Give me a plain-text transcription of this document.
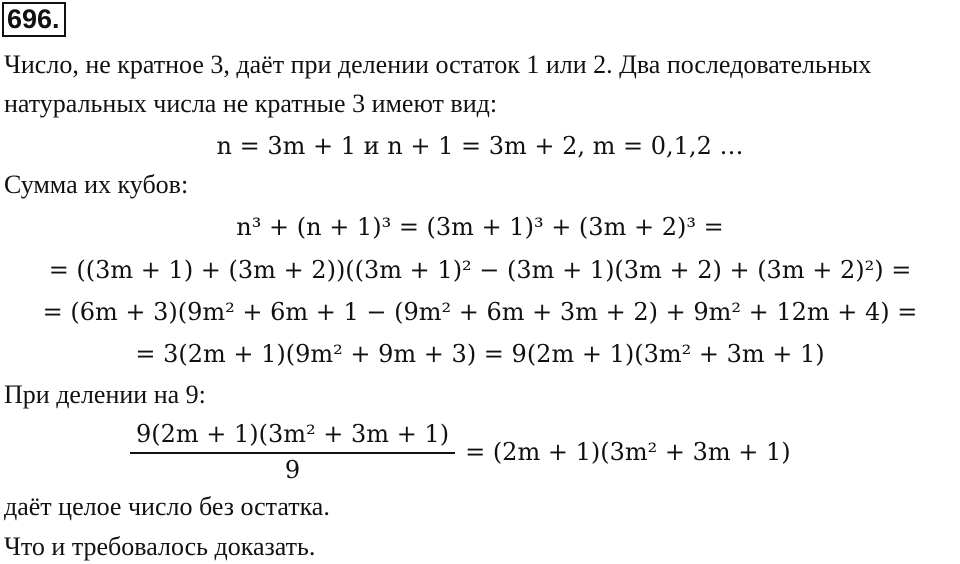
696.
Число, не кратное 3, даёт при делении остаток 1 или 2. Два последовательных
натуральных числа не кратные 3 имеют вид:
n = 3m + 1 и n + 1 = 3m + 2, m = 0,1,2 …
Сумма их кубов:
n³ + (n + 1)³ = (3m + 1)³ + (3m + 2)³ =
= ((3m + 1) + (3m + 2))((3m + 1)² − (3m + 1)(3m + 2) + (3m + 2)²) =
= (6m + 3)(9m² + 6m + 1 − (9m² + 6m + 3m + 2) + 9m² + 12m + 4) =
= 3(2m + 1)(9m² + 9m + 3) = 9(2m + 1)(3m² + 3m + 1)
При делении на 9:
$\frac{\text{9(2m + 1)(3m² + 3m + 1)}}{9} = (2m + 1)(3m^2 + 3m + 1)$
даёт целое число без остатка.
Что и требовалось доказать.
